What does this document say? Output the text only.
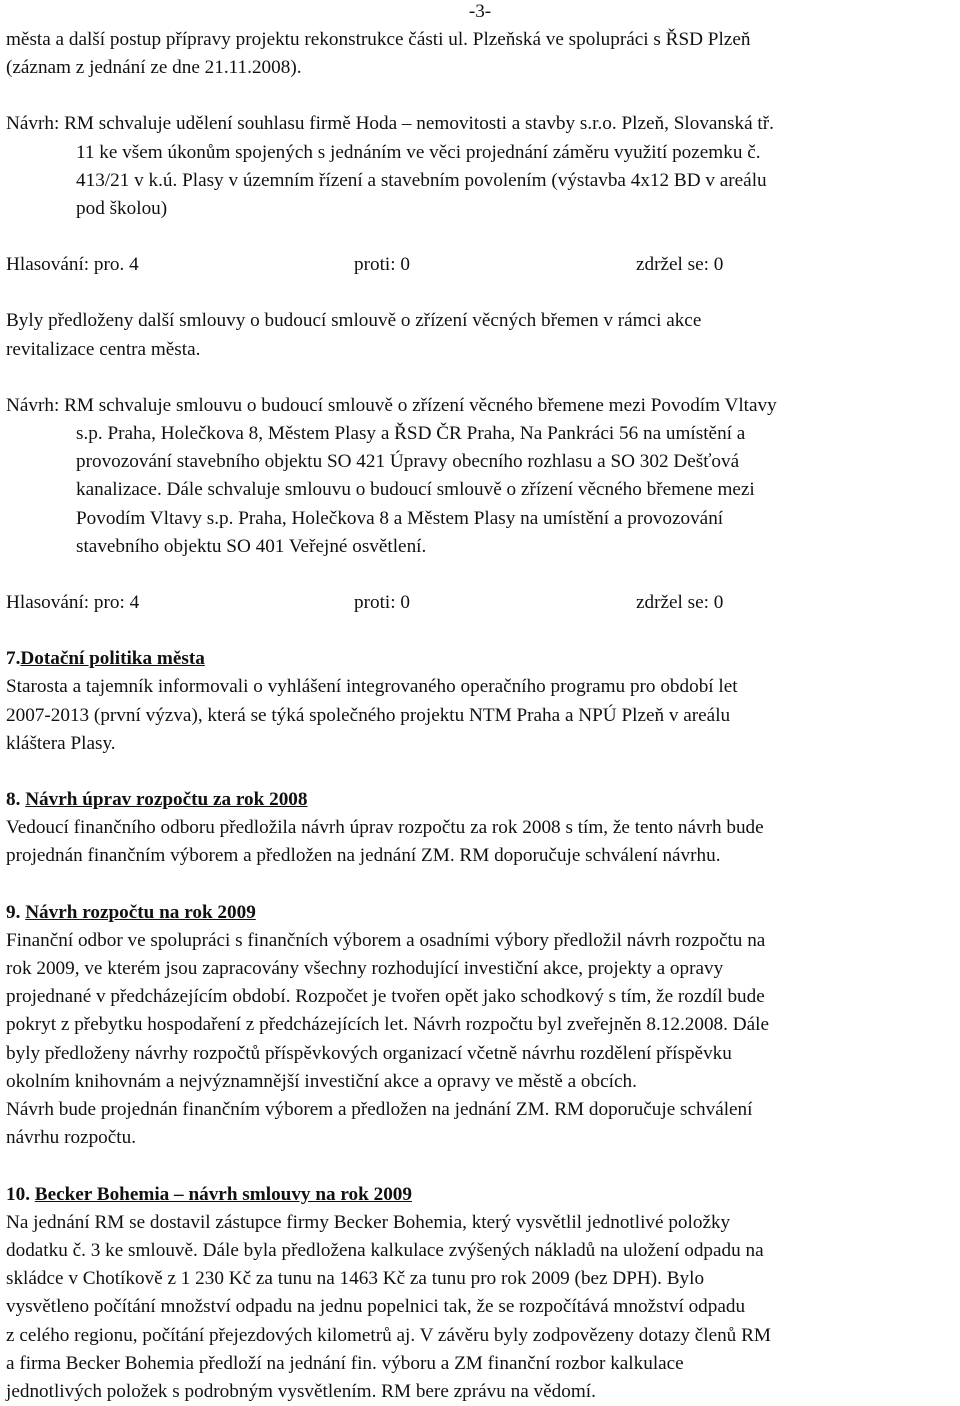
-3-

města a další postup přípravy projektu rekonstrukce části ul. Plzeňská ve spolupráci s ŘSD Plzeň
(záznam z jednání ze dne 21.11.2008).
Návrh: RM schvaluje udělení souhlasu firmě Hoda – nemovitosti a stavby s.r.o. Plzeň, Slovanská tř.
11 ke všem úkonům spojených s jednáním ve věci projednání záměru využití pozemku č.
413/21 v k.ú. Plasy v územním řízení a stavebním povolením (výstavba 4x12 BD v areálu
pod školou)
Hlasování: pro. 4	proti: 0	zdržel se: 0
Byly předloženy další smlouvy o budoucí smlouvě o zřízení věcných břemen v rámci akce
revitalizace centra města.
Návrh: RM schvaluje smlouvu o budoucí smlouvě o zřízení věcného břemene mezi Povodím Vltavy
s.p. Praha, Holečkova 8, Městem Plasy a ŘSD ČR Praha, Na Pankráci 56 na umístění a
provozování stavebního objektu SO 421 Úpravy obecního rozhlasu a SO 302 Dešťová
kanalizace. Dále schvaluje smlouvu o budoucí smlouvě o zřízení věcného břemene mezi
Povodím Vltavy s.p. Praha, Holečkova 8 a Městem Plasy na umístění a provozování
stavebního objektu SO 401 Veřejné osvětlení.
Hlasování: pro: 4	proti: 0	zdržel se: 0
7.Dotační politika města
Starosta a tajemník informovali o vyhlášení integrovaného operačního programu pro období let
2007-2013 (první výzva), která se týká společného projektu NTM Praha a NPÚ Plzeň v areálu
kláštera Plasy.
8. Návrh úprav rozpočtu za rok 2008
Vedoucí finančního odboru předložila návrh úprav rozpočtu za rok 2008 s tím, že tento návrh bude
projednán finančním výborem a předložen na jednání ZM. RM doporučuje schválení návrhu.
9. Návrh rozpočtu na rok 2009
Finanční odbor ve spolupráci s finančních výborem a osadními výbory předložil návrh rozpočtu na
rok 2009, ve kterém jsou zapracovány všechny rozhodující investiční akce, projekty a opravy
projednané v předcházejícím období. Rozpočet je tvořen opět jako schodkový s tím, že rozdíl bude
pokryt z přebytku hospodaření z předcházejících let. Návrh rozpočtu byl zveřejněn 8.12.2008. Dále
byly předloženy návrhy rozpočtů příspěvkových organizací včetně návrhu rozdělení příspěvku
okolním knihovnám a nejvýznamnější investiční akce a opravy ve městě a obcích.
Návrh bude projednán finančním výborem a předložen na jednání ZM. RM doporučuje schválení
návrhu rozpočtu.
10. Becker Bohemia – návrh smlouvy na rok 2009
Na jednání RM se dostavil zástupce firmy Becker Bohemia, který vysvětlil jednotlivé položky
dodatku č. 3 ke smlouvě. Dále byla předložena kalkulace zvýšených nákladů na uložení odpadu na
skládce v Chotíkově z 1 230 Kč za tunu na 1463 Kč za tunu pro rok 2009 (bez DPH). Bylo
vysvětleno počítání množství odpadu na jednu popelnici tak, že se rozpočítává množství odpadu
z celého regionu, počítání přejezdových kilometrů aj. V závěru byly zodpovězeny dotazy členů RM
a firma Becker Bohemia předloží na jednání fin. výboru a ZM finanční rozbor kalkulace
jednotlivých položek s podrobným vysvětlením. RM bere zprávu na vědomí.
